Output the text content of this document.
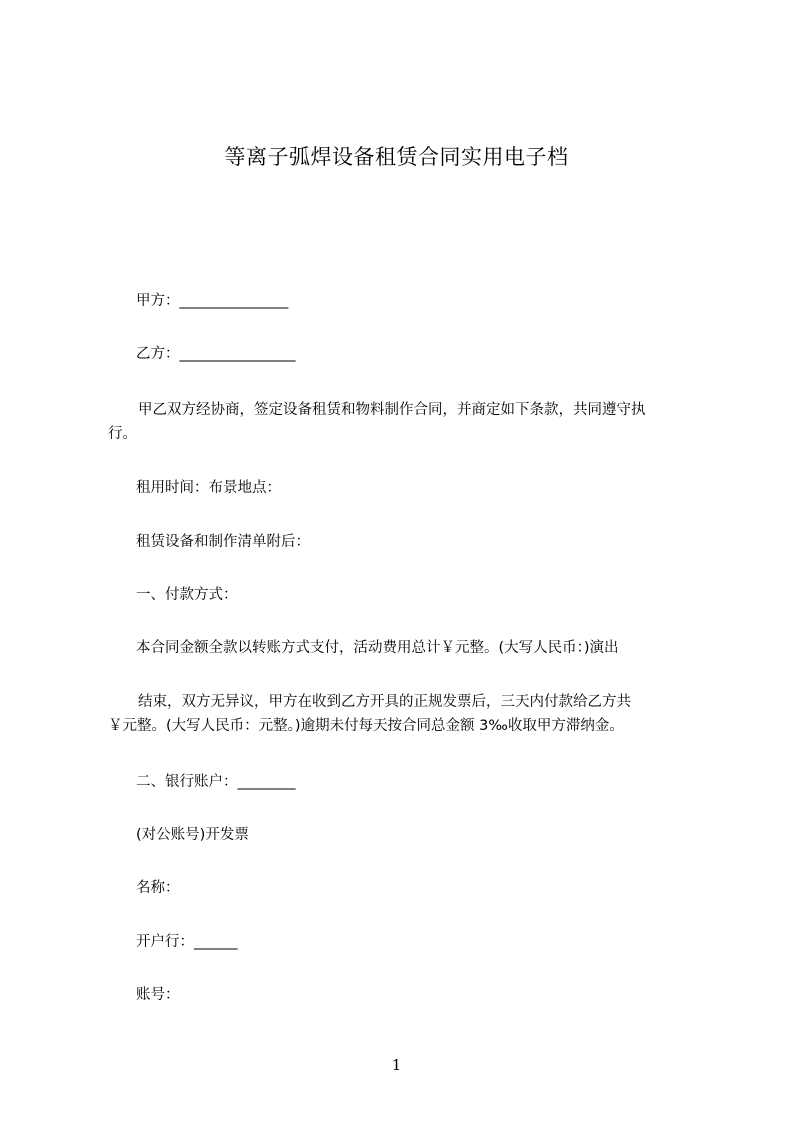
等离子弧焊设备租赁合同实用电子档
甲方：_______________
乙方：________________
甲乙双方经协商，签定设备租赁和物料制作合同，并商定如下条款，共同遵守执
行。
租用时间：布景地点：
租赁设备和制作清单附后：
一、付款方式：
本合同金额全款以转账方式支付，活动费用总计￥元整。(大写人民币：)演出
结束，双方无异议，甲方在收到乙方开具的正规发票后，三天内付款给乙方共
￥元整。(大写人民币：元整。)逾期未付每天按合同总金额 3‰收取甲方滞纳金。
二、银行账户：________
(对公账号)开发票
名称：
开户行：______
账号：
1
